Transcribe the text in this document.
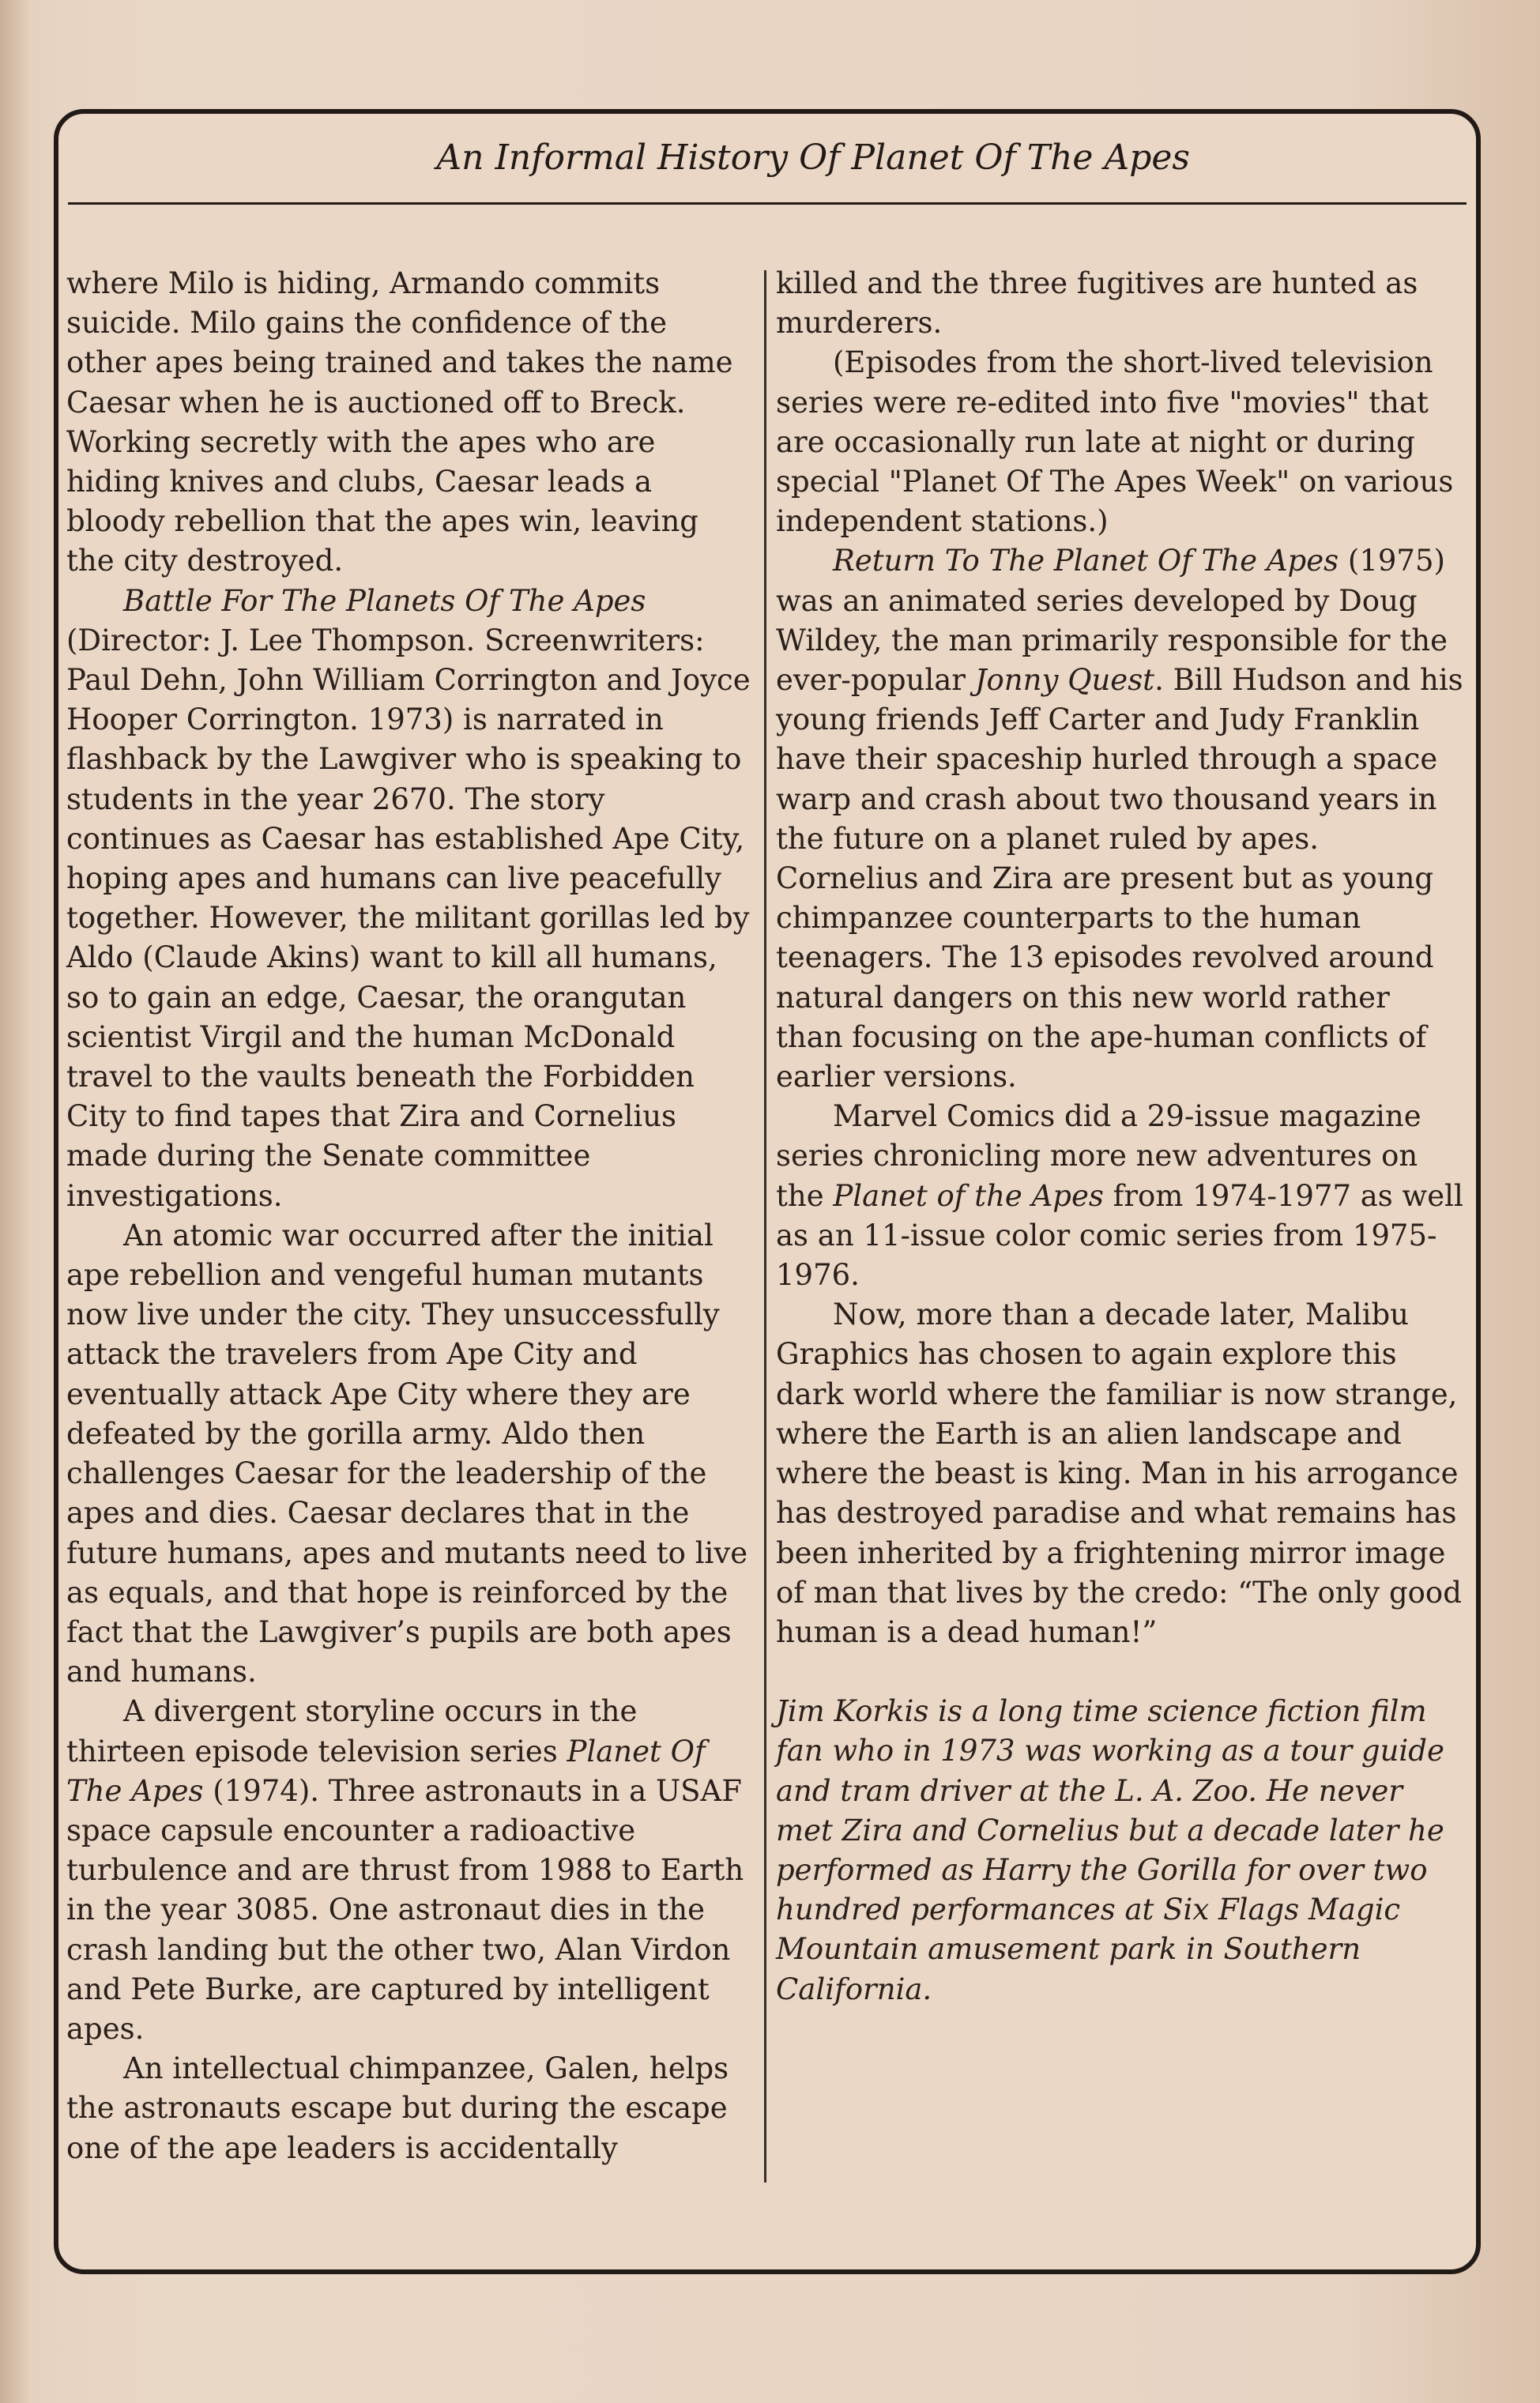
An Informal History Of Planet Of The Apes

where Milo is hiding, Armando commits suicide. Milo gains the confidence of the other apes being trained and takes the name Caesar when he is auctioned off to Breck. Working secretly with the apes who are hiding knives and clubs, Caesar leads a bloody rebellion that the apes win, leaving the city destroyed.

Battle For The Planets Of The Apes (Director: J. Lee Thompson. Screenwriters: Paul Dehn, John William Corrington and Joyce Hooper Corrington. 1973) is narrated in flashback by the Lawgiver who is speaking to students in the year 2670. The story continues as Caesar has established Ape City, hoping apes and humans can live peacefully together. However, the militant gorillas led by Aldo (Claude Akins) want to kill all humans, so to gain an edge, Caesar, the orangutan scientist Virgil and the human McDonald travel to the vaults beneath the Forbidden City to find tapes that Zira and Cornelius made during the Senate committee investigations.

An atomic war occurred after the initial ape rebellion and vengeful human mutants now live under the city. They unsuccessfully attack the travelers from Ape City and eventually attack Ape City where they are defeated by the gorilla army. Aldo then challenges Caesar for the leadership of the apes and dies. Caesar declares that in the future humans, apes and mutants need to live as equals, and that hope is reinforced by the fact that the Lawgiver’s pupils are both apes and humans.

A divergent storyline occurs in the thirteen episode television series Planet Of The Apes (1974). Three astronauts in a USAF space capsule encounter a radioactive turbulence and are thrust from 1988 to Earth in the year 3085. One astronaut dies in the crash landing but the other two, Alan Virdon and Pete Burke, are captured by intelligent apes.

An intellectual chimpanzee, Galen, helps the astronauts escape but during the escape one of the ape leaders is accidentally

killed and the three fugitives are hunted as murderers.

(Episodes from the short-lived television series were re-edited into five "movies" that are occasionally run late at night or during special "Planet Of The Apes Week" on various independent stations.)

Return To The Planet Of The Apes (1975) was an animated series developed by Doug Wildey, the man primarily responsible for the ever-popular Jonny Quest. Bill Hudson and his young friends Jeff Carter and Judy Franklin have their spaceship hurled through a space warp and crash about two thousand years in the future on a planet ruled by apes. Cornelius and Zira are present but as young chimpanzee counterparts to the human teenagers. The 13 episodes revolved around natural dangers on this new world rather than focusing on the ape-human conflicts of earlier versions.

Marvel Comics did a 29-issue magazine series chronicling more new adventures on the Planet of the Apes from 1974-1977 as well as an 11-issue color comic series from 1975-1976.

Now, more than a decade later, Malibu Graphics has chosen to again explore this dark world where the familiar is now strange, where the Earth is an alien landscape and where the beast is king. Man in his arrogance has destroyed paradise and what remains has been inherited by a frightening mirror image of man that lives by the credo: “The only good human is a dead human!”

Jim Korkis is a long time science fiction film fan who in 1973 was working as a tour guide and tram driver at the L. A. Zoo. He never met Zira and Cornelius but a decade later he performed as Harry the Gorilla for over two hundred performances at Six Flags Magic Mountain amusement park in Southern California.
